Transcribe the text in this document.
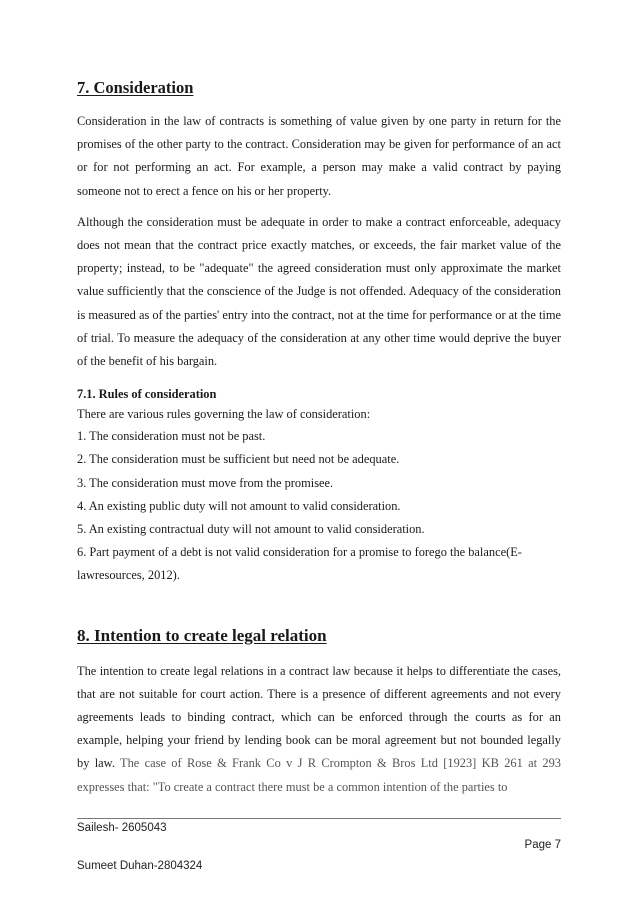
7. Consideration

Consideration in the law of contracts is something of value given by one party in return for the promises of the other party to the contract. Consideration may be given for performance of an act or for not performing an act. For example, a person may make a valid contract by paying someone not to erect a fence on his or her property.

Although the consideration must be adequate in order to make a contract enforceable, adequacy does not mean that the contract price exactly matches, or exceeds, the fair market value of the property; instead, to be "adequate" the agreed consideration must only approximate the market value sufficiently that the conscience of the Judge is not offended. Adequacy of the consideration is measured as of the parties' entry into the contract, not at the time for performance or at the time of trial. To measure the adequacy of the consideration at any other time would deprive the buyer of the benefit of his bargain.

7.1. Rules of consideration
There are various rules governing the law of consideration:
1. The consideration must not be past.
2. The consideration must be sufficient but need not be adequate.
3. The consideration must move from the promisee.
4. An existing public duty will not amount to valid consideration.
5. An existing contractual duty will not amount to valid consideration.
6. Part payment of a debt is not valid consideration for a promise to forego the balance(E-lawresources, 2012).
8. Intention to create legal relation

The intention to create legal relations in a contract law because it helps to differentiate the cases, that are not suitable for court action. There is a presence of different agreements and not every agreements leads to binding contract, which can be enforced through the courts as for an example, helping your friend by lending book can be moral agreement but not bounded legally by law. The case of Rose & Frank Co v J R Crompton & Bros Ltd [1923] KB 261 at 293 expresses that: "To create a contract there must be a common intention of the parties to

Sailesh- 2605043
Page 7
Sumeet Duhan-2804324
